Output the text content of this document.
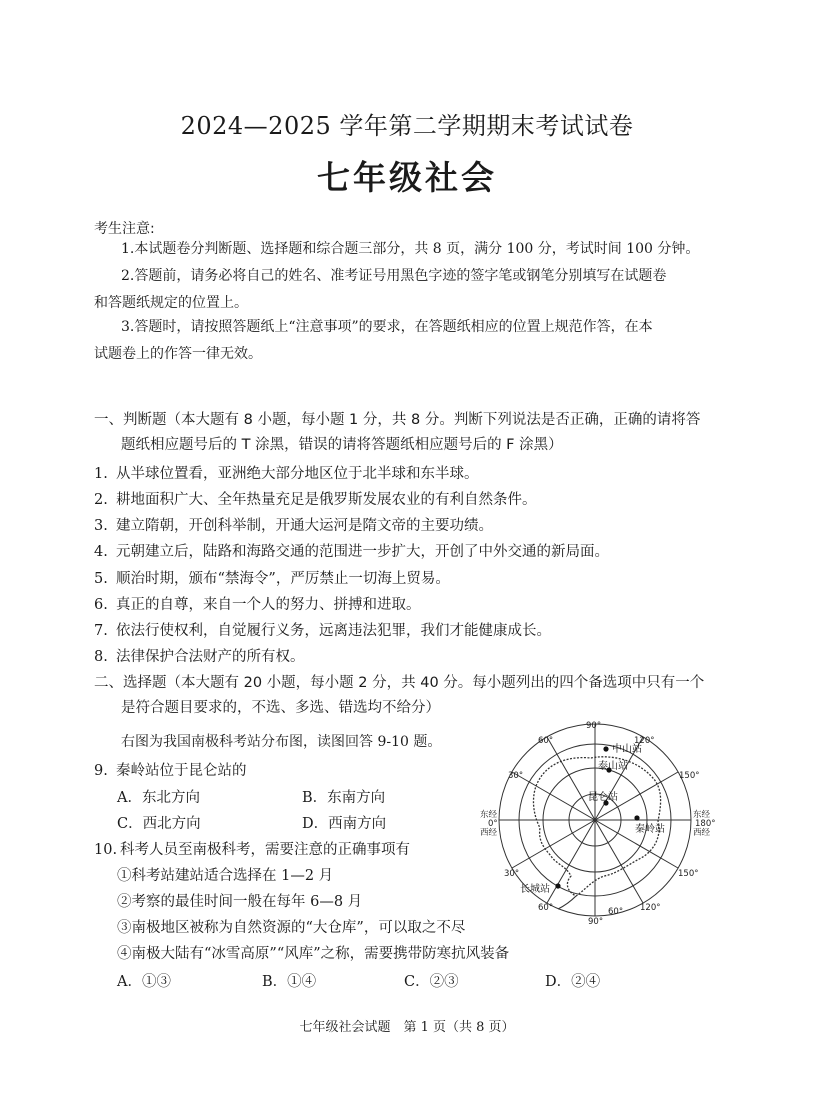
2024—2025 学年第二学期期末考试试卷
七年级社会
考生注意:
1.本试题卷分判断题、选择题和综合题三部分，共 8 页，满分 100 分，考试时间 100 分钟。
2.答题前，请务必将自己的姓名、准考证号用黑色字迹的签字笔或钢笔分别填写在试题卷
和答题纸规定的位置上。
3.答题时，请按照答题纸上“注意事项”的要求，在答题纸相应的位置上规范作答，在本
试题卷上的作答一律无效。
一、判断题（本大题有 8 小题，每小题 1 分，共 8 分。判断下列说法是否正确，正确的请将答
题纸相应题号后的 T 涂黑，错误的请将答题纸相应题号后的 F 涂黑）
1. 从半球位置看，亚洲绝大部分地区位于北半球和东半球。
2. 耕地面积广大、全年热量充足是俄罗斯发展农业的有利自然条件。
3. 建立隋朝，开创科举制，开通大运河是隋文帝的主要功绩。
4. 元朝建立后，陆路和海路交通的范围进一步扩大，开创了中外交通的新局面。
5. 顺治时期，颁布“禁海令”，严厉禁止一切海上贸易。
6. 真正的自尊，来自一个人的努力、拼搏和进取。
7. 依法行使权利，自觉履行义务，远离违法犯罪，我们才能健康成长。
8. 法律保护合法财产的所有权。
二、选择题（本大题有 20 小题，每小题 2 分，共 40 分。每小题列出的四个备选项中只有一个
是符合题目要求的，不选、多选、错选均不给分）
右图为我国南极科考站分布图，读图回答 9-10 题。
9. 秦岭站位于昆仑站的
A．东北方向	B．东南方向
C．西北方向	D．西南方向
10. 科考人员至南极科考，需要注意的正确事项有
①科考站建站适合选择在 1—2 月
②考察的最佳时间一般在每年 6—8 月
③南极地区被称为自然资源的“大仓库”，可以取之不尽
④南极大陆有“冰雪高原”“风库”之称，需要携带防寒抗风装备
A．①③	B．①④	C．②③	D．②④
中山站
泰山站
昆仑站
秦岭站
长城站
90°
60°	120°
30°	150°
东经
0°
西经
东经
180°
西经
30°	150°
60°	120°
90°
60°
七年级社会试题　第 1 页（共 8 页）
